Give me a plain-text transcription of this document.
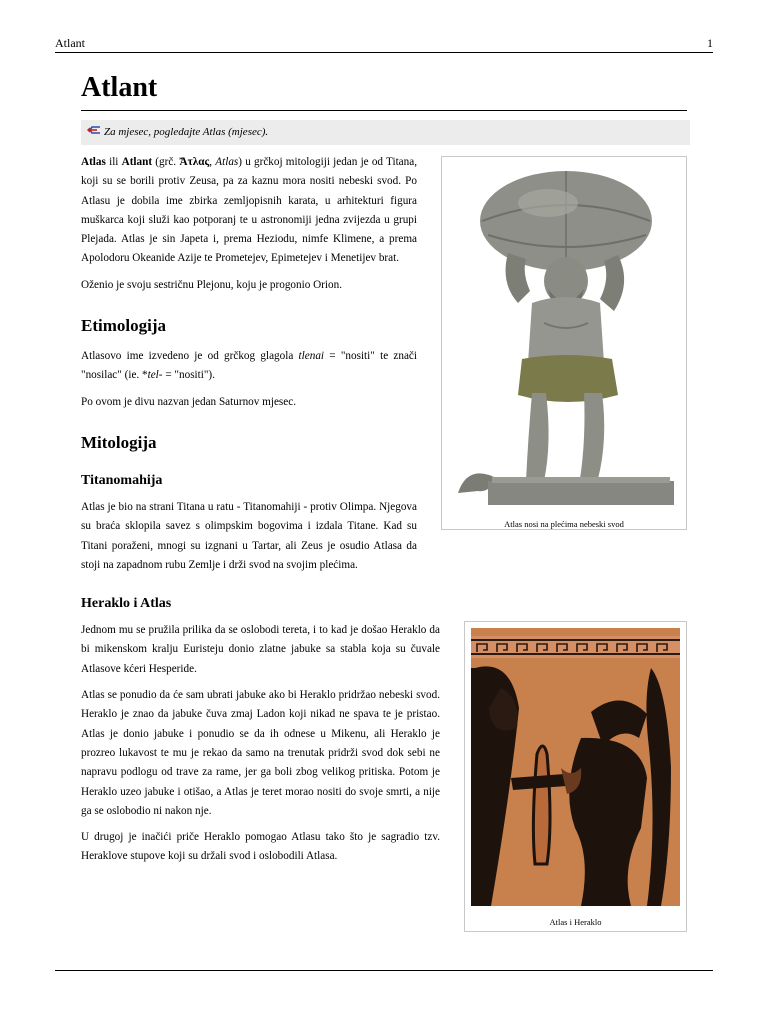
Atlant	1
Atlant
Za mjesec, pogledajte Atlas (mjesec).
Atlas nosi na plećima nebeski svod

Atlas ili Atlant (grč. Ἄτλας, Atlas) u grčkoj mitologiji jedan je od Titana, koji su se borili protiv Zeusa, pa za kaznu mora nositi nebeski svod. Po Atlasu je dobila ime zbirka zemljopisnih karata, u arhitekturi figura muškarca koji služi kao potporanj te u astronomiji jedna zvijezda u grupi Plejada. Atlas je sin Japeta i, prema Heziodu, nimfe Klimene, a prema Apolodoru Okeanide Azije te Prometejev, Epimetejev i Menetijev brat.

Oženio je svoju sestričnu Plejonu, koju je progonio Orion.

Etimologija

Atlasovo ime izvedeno je od grčkog glagola tlenai = "nositi" te znači "nosilac" (ie. *tel- = "nositi").

Po ovom je divu nazvan jedan Saturnov mjesec.

Mitologija
Titanomahija

Atlas je bio na strani Titana u ratu - Titanomahiji - protiv Olimpa. Njegova su braća sklopila savez s olimpskim bogovima i izdala Titane. Kad su Titani poraženi, mnogi su izgnani u Tartar, ali Zeus je osudio Atlasa da stoji na zapadnom rubu Zemlje i drži svod na svojim plećima.

Heraklo i Atlas
Atlas i Heraklo

Jednom mu se pružila prilika da se oslobodi tereta, i to kad je došao Heraklo da bi mikenskom kralju Euristeju donio zlatne jabuke sa stabla koja su čuvale Atlasove kćeri Hesperide.

Atlas se ponudio da će sam ubrati jabuke ako bi Heraklo pridržao nebeski svod. Heraklo je znao da jabuke čuva zmaj Ladon koji nikad ne spava te je pristao. Atlas je donio jabuke i ponudio se da ih odnese u Mikenu, ali Heraklo je prozreo lukavost te mu je rekao da samo na trenutak pridrži svod dok sebi ne napravu podlogu od trave za rame, jer ga boli zbog velikog pritiska. Potom je Heraklo uzeo jabuke i otišao, a Atlas je teret morao nositi do svoje smrti, a nije ga se oslobodio ni nakon nje.

U drugoj je inačići priče Heraklo pomogao Atlasu tako što je sagradio tzv. Heraklove stupove koji su držali svod i oslobodili Atlasa.
